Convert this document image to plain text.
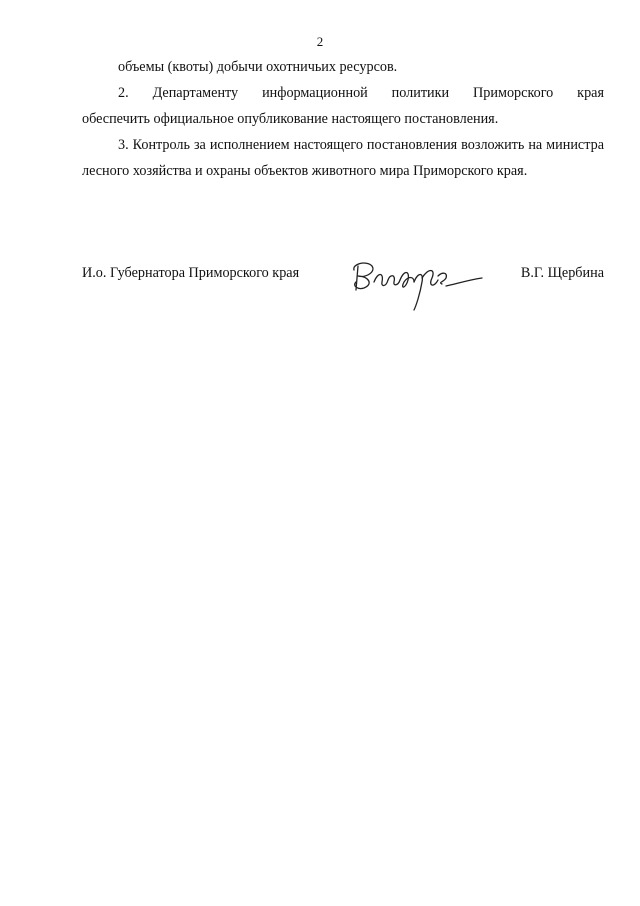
2

объемы (квоты) добычи охотничьих ресурсов.

2. Департаменту информационной политики Приморского края

обеспечить официальное опубликование настоящего постановления.

3. Контроль за исполнением настоящего постановления возложить на министра лесного хозяйства и охраны объектов животного мира Приморского края.

И.о. Губернатора Приморского края	В.Г. Щербина
